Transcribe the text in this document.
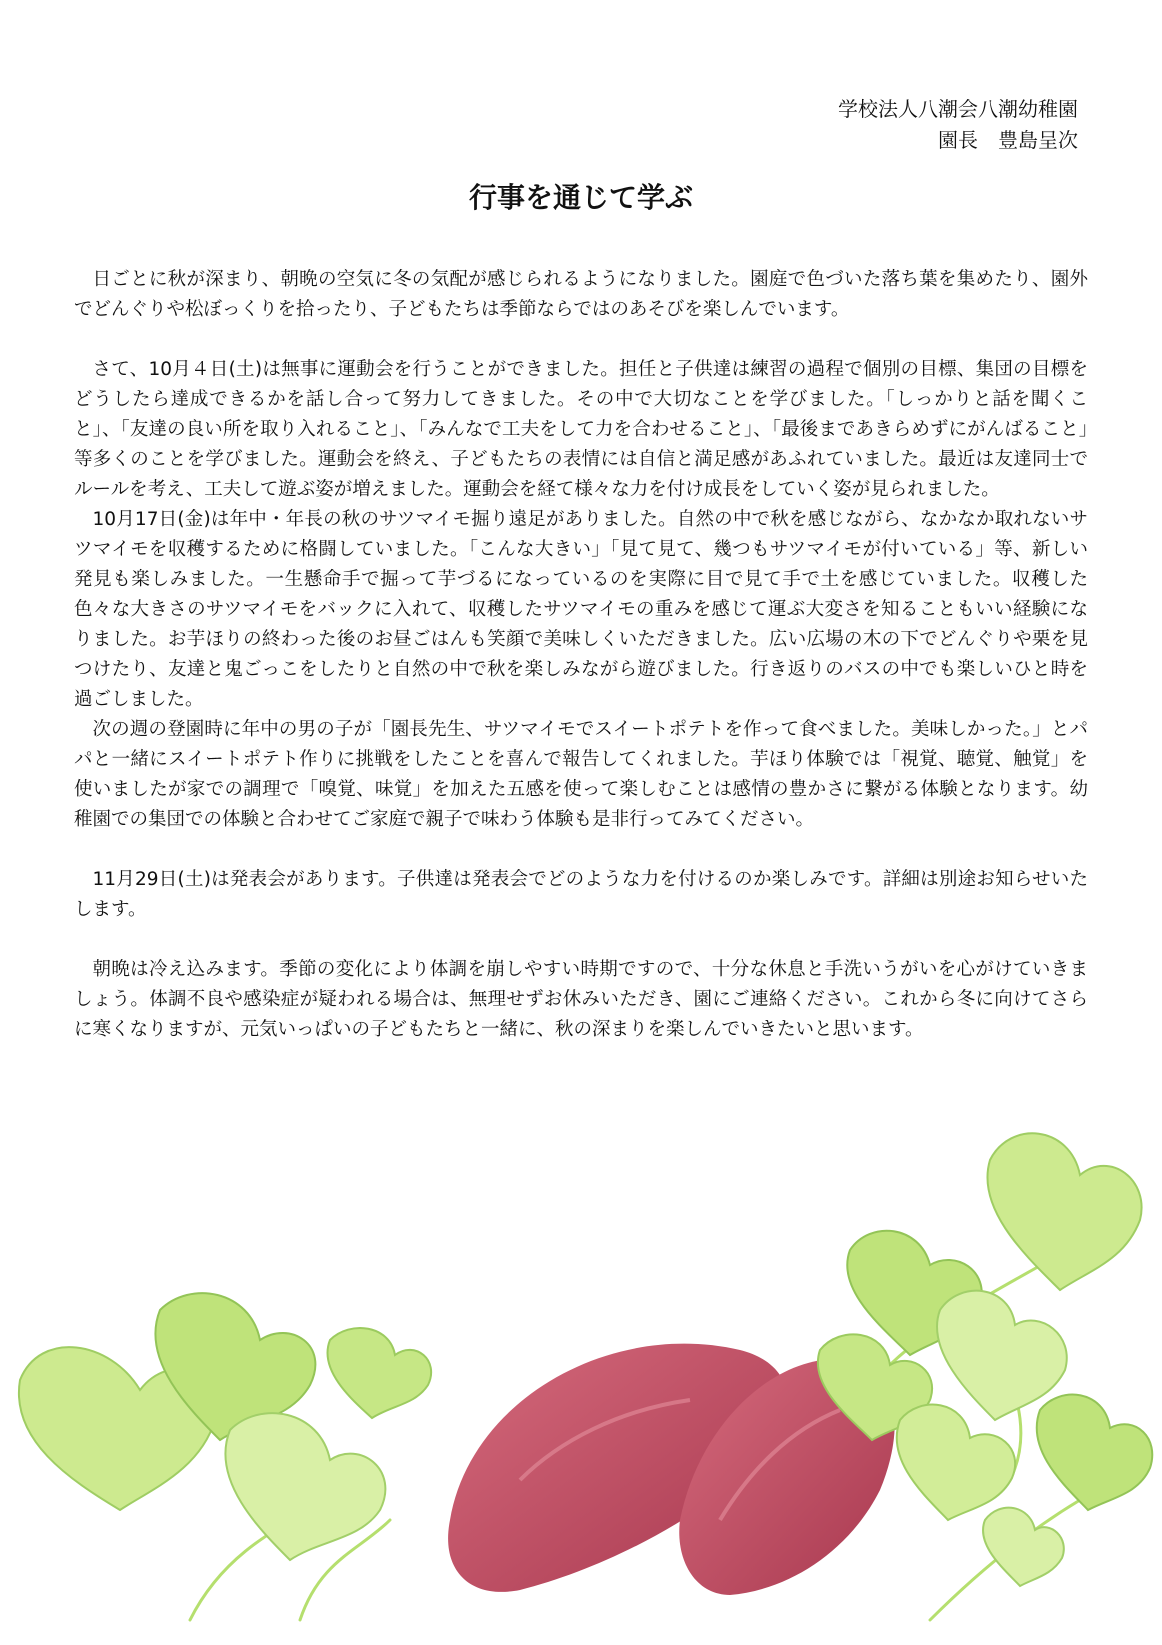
学校法人八潮会八潮幼稚園
園長　豊島呈次
行事を通じて学ぶ

日ごとに秋が深まり、朝晩の空気に冬の気配が感じられるようになりました。園庭で色づいた落ち葉を集めたり、園外でどんぐりや松ぼっくりを拾ったり、子どもたちは季節ならではのあそびを楽しんでいます。

さて、10月４日(土)は無事に運動会を行うことができました。担任と子供達は練習の過程で個別の目標、集団の目標をどうしたら達成できるかを話し合って努力してきました。その中で大切なことを学びました。「しっかりと話を聞くこと」、「友達の良い所を取り入れること」、「みんなで工夫をして力を合わせること」、「最後まであきらめずにがんばること」等多くのことを学びました。運動会を終え、子どもたちの表情には自信と満足感があふれていました。最近は友達同士でルールを考え、工夫して遊ぶ姿が増えました。運動会を経て様々な力を付け成長をしていく姿が見られました。

10月17日(金)は年中・年長の秋のサツマイモ掘り遠足がありました。自然の中で秋を感じながら、なかなか取れないサツマイモを収穫するために格闘していました。「こんな大きい」「見て見て、幾つもサツマイモが付いている」等、新しい発見も楽しみました。一生懸命手で掘って芋づるになっているのを実際に目で見て手で土を感じていました。収穫した色々な大きさのサツマイモをバックに入れて、収穫したサツマイモの重みを感じて運ぶ大変さを知ることもいい経験になりました。お芋ほりの終わった後のお昼ごはんも笑顔で美味しくいただきました。広い広場の木の下でどんぐりや栗を見つけたり、友達と鬼ごっこをしたりと自然の中で秋を楽しみながら遊びました。行き返りのバスの中でも楽しいひと時を過ごしました。

次の週の登園時に年中の男の子が「園長先生、サツマイモでスイートポテトを作って食べました。美味しかった。」とパパと一緒にスイートポテト作りに挑戦をしたことを喜んで報告してくれました。芋ほり体験では「視覚、聴覚、触覚」を使いましたが家での調理で「嗅覚、味覚」を加えた五感を使って楽しむことは感情の豊かさに繋がる体験となります。幼稚園での集団での体験と合わせてご家庭で親子で味わう体験も是非行ってみてください。

11月29日(土)は発表会があります。子供達は発表会でどのような力を付けるのか楽しみです。詳細は別途お知らせいたします。

朝晩は冷え込みます。季節の変化により体調を崩しやすい時期ですので、十分な休息と手洗いうがいを心がけていきましょう。体調不良や感染症が疑われる場合は、無理せずお休みいただき、園にご連絡ください。これから冬に向けてさらに寒くなりますが、元気いっぱいの子どもたちと一緒に、秋の深まりを楽しんでいきたいと思います。
